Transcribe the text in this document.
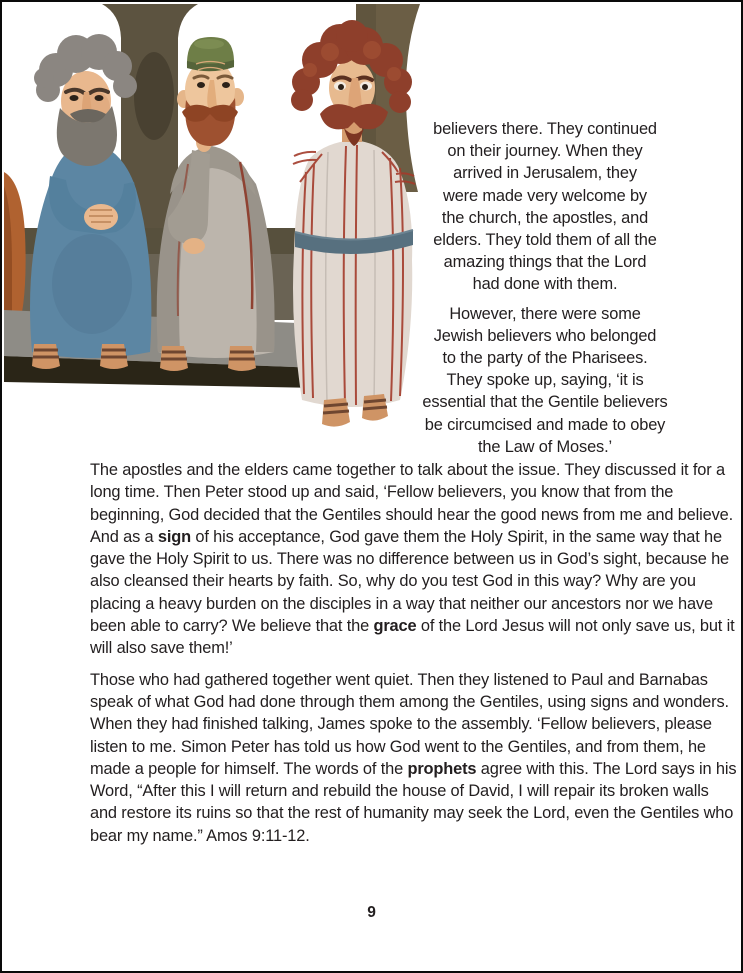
believers there. They continued
on their journey. When they
arrived in Jerusalem, they
were made very welcome by
the church, the apostles, and
elders. They told them of all the
amazing things that the Lord
had done with them.
However, there were some
Jewish believers who belonged
to the party of the Pharisees.
They spoke up, saying, ‘it is
essential that the Gentile believers
be circumcised and made to obey
the Law of Moses.’

The apostles and the elders came together to talk about the issue. They discussed it for a long time. Then Peter stood up and said, ‘Fellow believers, you know that from the beginning, God decided that the Gentiles should hear the good news from me and believe. And as a sign of his acceptance, God gave them the Holy Spirit, in the same way that he gave the Holy Spirit to us. There was no difference between us in God’s sight, because he also cleansed their hearts by faith. So, why do you test God in this way? Why are you placing a heavy burden on the disciples in a way that neither our ancestors nor we have been able to carry? We believe that the grace of the Lord Jesus will not only save us, but it will also save them!’

Those who had gathered together went quiet. Then they listened to Paul and Barnabas speak of what God had done through them among the Gentiles, using signs and wonders. When they had finished talking, James spoke to the assembly. ‘Fellow believers, please listen to me. Simon Peter has told us how God went to the Gentiles, and from them, he made a people for himself. The words of the prophets agree with this. The Lord says in his Word, “After this I will return and rebuild the house of David, I will repair its broken walls and restore its ruins so that the rest of humanity may seek the Lord, even the Gentiles who bear my name.” Amos 9:11-12.

9
